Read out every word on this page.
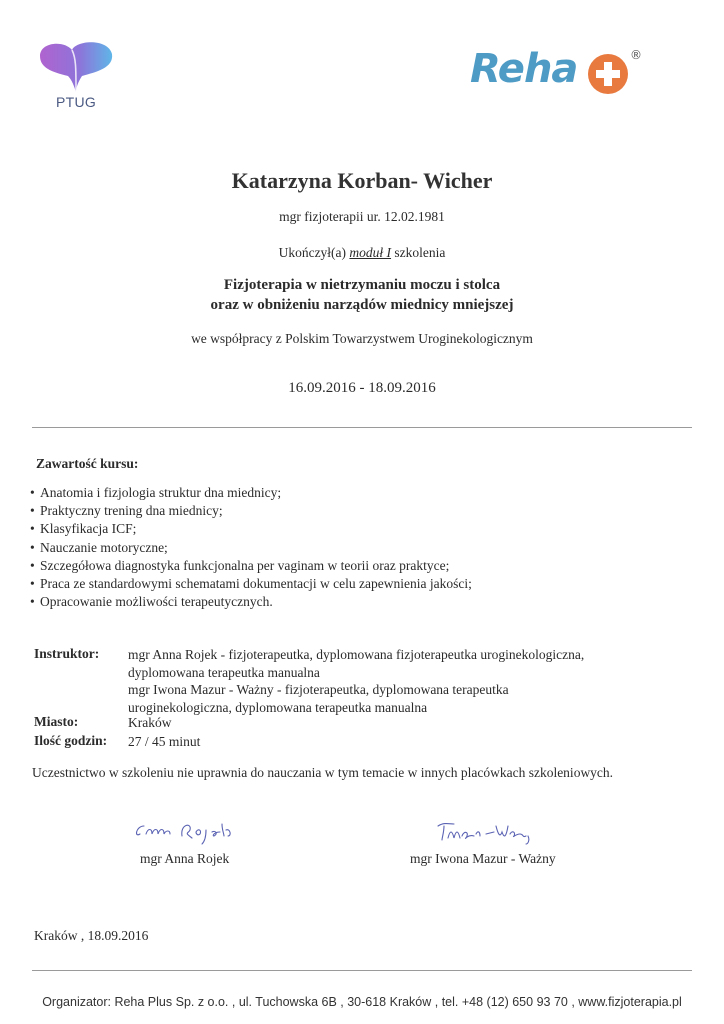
PTUG
Reha	®
Katarzyna Korban- Wicher
mgr fizjoterapii ur. 12.02.1981
Ukończył(a) moduł I szkolenia
Fizjoterapia w nietrzymaniu moczu i stolca
oraz w obniżeniu narządów miednicy mniejszej
we współpracy z Polskim Towarzystwem Uroginekologicznym
16.09.2016 - 18.09.2016
Zawartość kursu:
• Anatomia i fizjologia struktur dna miednicy;
• Praktyczny trening dna miednicy;
• Klasyfikacja ICF;
• Nauczanie motoryczne;
• Szczegółowa diagnostyka funkcjonalna per vaginam w teorii oraz praktyce;
• Praca ze standardowymi schematami dokumentacji w celu zapewnienia jakości;
• Opracowanie możliwości terapeutycznych.
Instruktor: mgr Anna Rojek - fizjoterapeutka, dyplomowana fizjoterapeutka uroginekologiczna,
dyplomowana terapeutka manualna
mgr Iwona Mazur - Ważny - fizjoterapeutka, dyplomowana terapeutka
uroginekologiczna, dyplomowana terapeutka manualna
Miasto:	Kraków
Ilość godzin: 27 / 45 minut
Uczestnictwo w szkoleniu nie uprawnia do nauczania w tym temacie w innych placówkach szkoleniowych.
mgr Anna Rojek	mgr Iwona Mazur - Ważny
Kraków , 18.09.2016
Organizator: Reha Plus Sp. z o.o. , ul. Tuchowska 6B , 30-618 Kraków , tel. +48 (12) 650 93 70 , www.fizjoterapia.pl
